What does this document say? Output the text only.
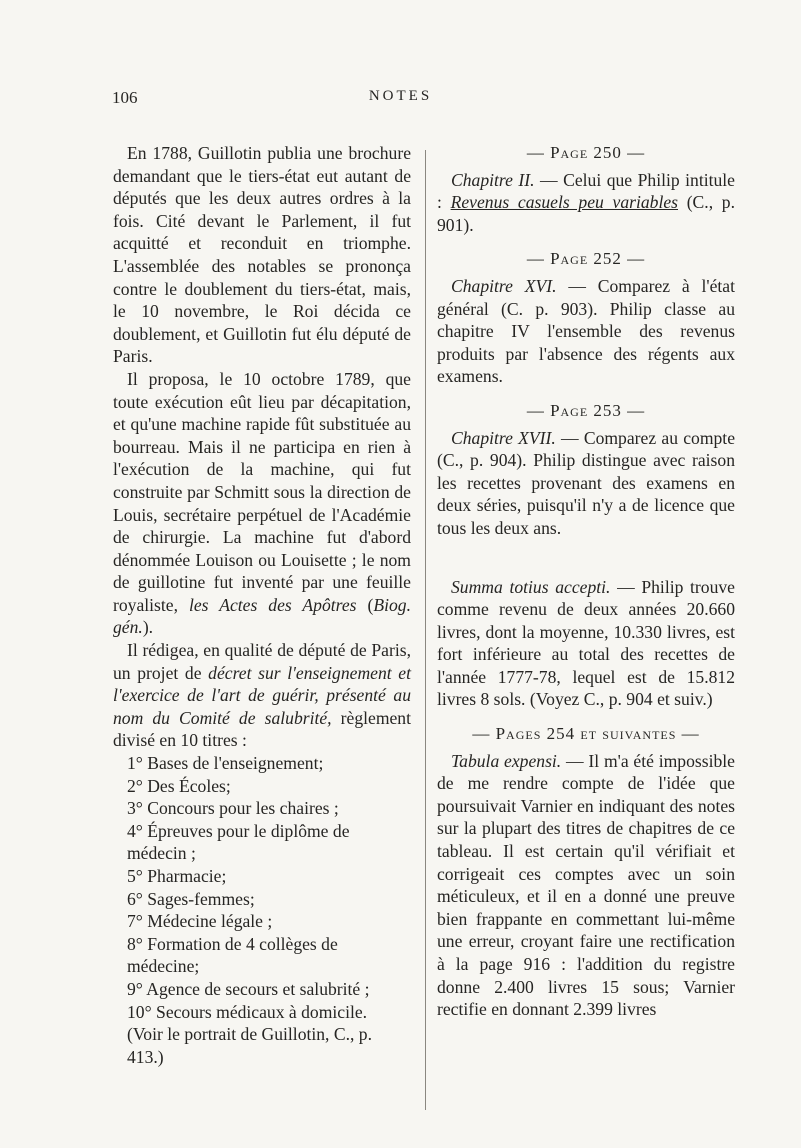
106	NOTES

En 1788, Guillotin publia une brochure demandant que le tiers-état eut autant de députés que les deux autres ordres à la fois. Cité devant le Parlement, il fut acquitté et reconduit en triomphe. L'assemblée des notables se prononça contre le doublement du tiers-état, mais, le 10 novembre, le Roi décida ce doublement, et Guillotin fut élu député de Paris.

Il proposa, le 10 octobre 1789, que toute exécution eût lieu par décapitation, et qu'une machine rapide fût substituée au bourreau. Mais il ne participa en rien à l'exécution de la machine, qui fut construite par Schmitt sous la direction de Louis, secrétaire perpétuel de l'Académie de chirurgie. La machine fut d'abord dénommée Louison ou Louisette ; le nom de guillotine fut inventé par une feuille royaliste, les Actes des Apôtres (Biog. gén.).

Il rédigea, en qualité de député de Paris, un projet de décret sur l'enseignement et l'exercice de l'art de guérir, présenté au nom du Comité de salubrité, règlement divisé en 10 titres :

1° Bases de l'enseignement;

2° Des Écoles;

3° Concours pour les chaires ;

4° Épreuves pour le diplôme de médecin ;

5° Pharmacie;

6° Sages-femmes;

7° Médecine légale ;

8° Formation de 4 collèges de médecine;

9° Agence de secours et salubrité ;

10° Secours médicaux à domicile.

(Voir le portrait de Guillotin, C., p. 413.)

— Page 250 —

Chapitre II. — Celui que Philip intitule : Revenus casuels peu variables (C., p. 901).

— Page 252 —

Chapitre XVI. — Comparez à l'état général (C. p. 903). Philip classe au chapitre IV l'ensemble des revenus produits par l'absence des régents aux examens.

— Page 253 —

Chapitre XVII. — Comparez au compte (C., p. 904). Philip distingue avec raison les recettes provenant des examens en deux séries, puisqu'il n'y a de licence que tous les deux ans.

Summa totius accepti. — Philip trouve comme revenu de deux années 20.660 livres, dont la moyenne, 10.330 livres, est fort inférieure au total des recettes de l'année 1777-78, lequel est de 15.812 livres 8 sols. (Voyez C., p. 904 et suiv.)

— Pages 254 et suivantes —

Tabula expensi. — Il m'a été impossible de me rendre compte de l'idée que poursuivait Varnier en indiquant des notes sur la plupart des titres de chapitres de ce tableau. Il est certain qu'il vérifiait et corrigeait ces comptes avec un soin méticuleux, et il en a donné une preuve bien frappante en commettant lui-même une erreur, croyant faire une rectification à la page 916 : l'addition du registre donne 2.400 livres 15 sous; Varnier rectifie en donnant 2.399 livres
